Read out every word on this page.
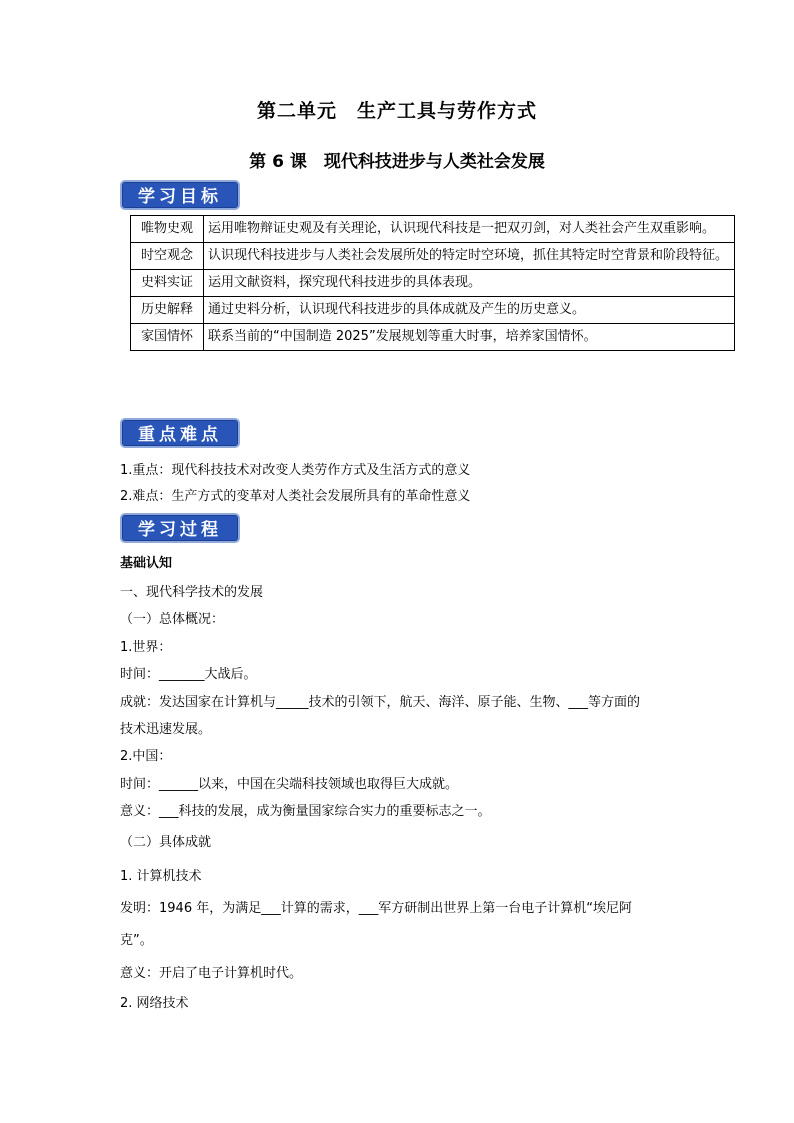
第二单元　生产工具与劳作方式
第 6 课　现代科技进步与人类社会发展
学习目标
唯物史观	运用唯物辩证史观及有关理论，认识现代科技是一把双刃剑，对人类社会产生双重影响。
时空观念	认识现代科技进步与人类社会发展所处的特定时空环境，抓住其特定时空背景和阶段特征。
史料实证	运用文献资料，探究现代科技进步的具体表现。
历史解释	通过史料分析，认识现代科技进步的具体成就及产生的历史意义。
家国情怀	联系当前的“中国制造 2025”发展规划等重大时事，培养家国情怀。
重点难点
1.重点：现代科技技术对改变人类劳作方式及生活方式的意义
2.难点：生产方式的变革对人类社会发展所具有的革命性意义
学习过程
基础认知
一、现代科学技术的发展
（一）总体概况：
1.世界：
时间：_______大战后。
成就：发达国家在计算机与_____技术的引领下，航天、海洋、原子能、生物、___等方面的
技术迅速发展。
2.中国：
时间：______以来，中国在尖端科技领域也取得巨大成就。
意义：___科技的发展，成为衡量国家综合实力的重要标志之一。
（二）具体成就
1. 计算机技术
发明：1946 年，为满足___计算的需求，___军方研制出世界上第一台电子计算机“埃尼阿
克”。
意义：开启了电子计算机时代。
2. 网络技术
